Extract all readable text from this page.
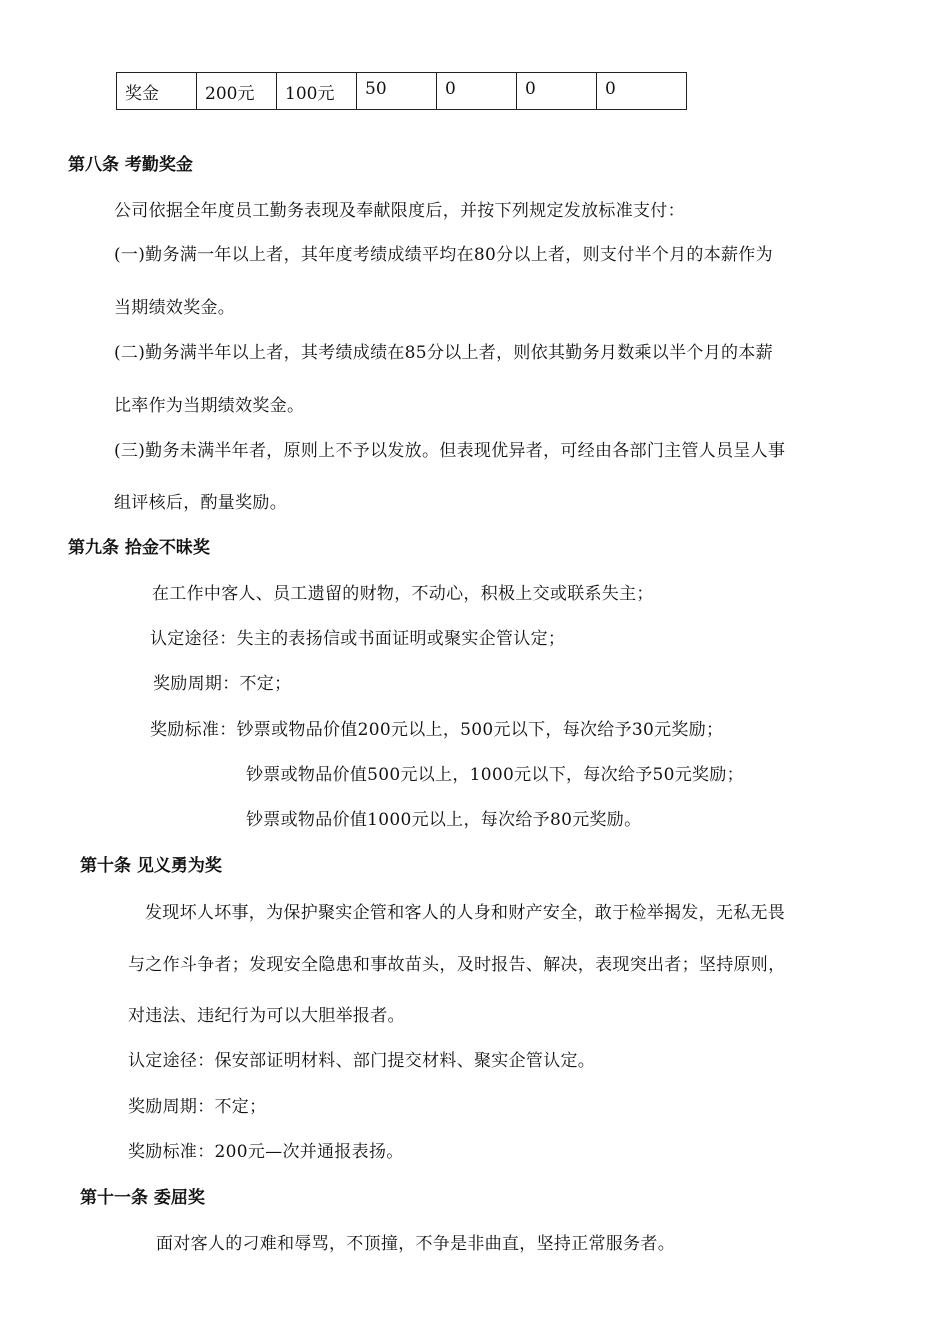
奖金	200元	100元	50	0	0	0
第八条 考勤奖金
公司依据全年度员工勤务表现及奉献限度后，并按下列规定发放标准支付：
(一)勤务满一年以上者，其年度考绩成绩平均在80分以上者，则支付半个月的本薪作为
当期绩效奖金。
(二)勤务满半年以上者，其考绩成绩在85分以上者，则依其勤务月数乘以半个月的本薪
比率作为当期绩效奖金。
(三)勤务未满半年者，原则上不予以发放。但表现优异者，可经由各部门主管人员呈人事
组评核后，酌量奖励。
第九条 拾金不昧奖
在工作中客人、员工遗留的财物，不动心，积极上交或联系失主；
认定途径：失主的表扬信或书面证明或聚实企管认定；
奖励周期：不定；
奖励标准：钞票或物品价值200元以上，500元以下，每次给予30元奖励；
钞票或物品价值500元以上，1000元以下，每次给予50元奖励；
钞票或物品价值1000元以上，每次给予80元奖励。
第十条 见义勇为奖
发现坏人坏事，为保护聚实企管和客人的人身和财产安全，敢于检举揭发，无私无畏
与之作斗争者；发现安全隐患和事故苗头，及时报告、解决，表现突出者；坚持原则，
对违法、违纪行为可以大胆举报者。
认定途径：保安部证明材料、部门提交材料、聚实企管认定。
奖励周期：不定；
奖励标准：200元—次并通报表扬。
第十一条 委屈奖
面对客人的刁难和辱骂，不顶撞，不争是非曲直，坚持正常服务者。
